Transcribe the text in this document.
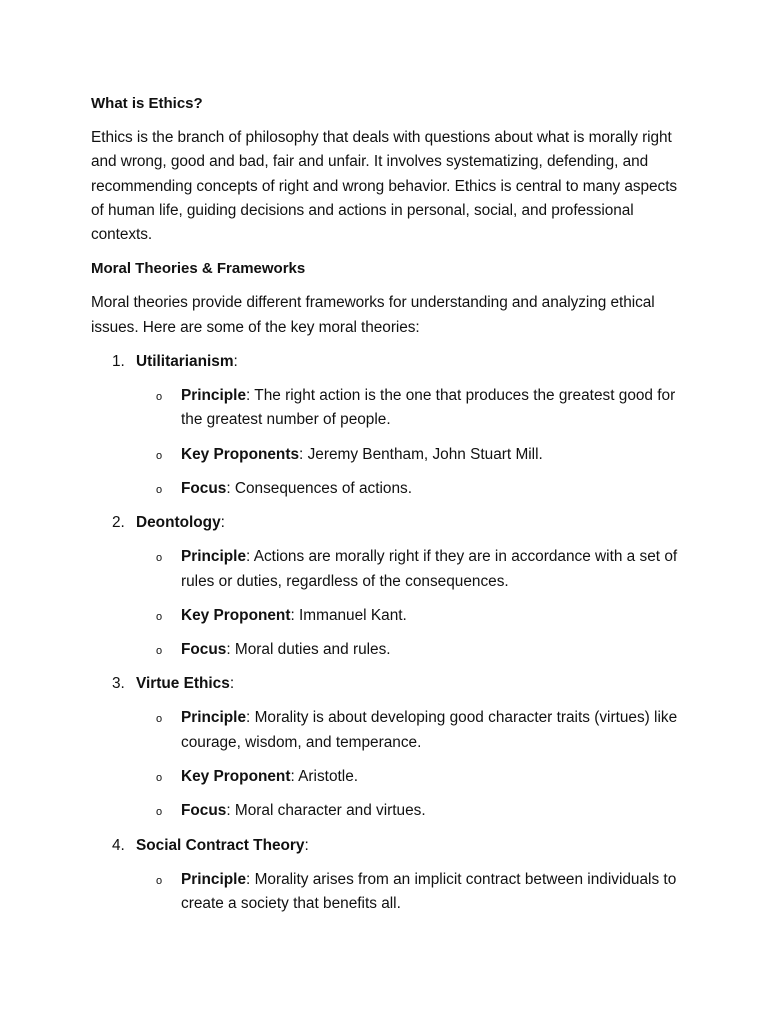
What is Ethics?
Ethics is the branch of philosophy that deals with questions about what is morally right and wrong, good and bad, fair and unfair. It involves systematizing, defending, and recommending concepts of right and wrong behavior. Ethics is central to many aspects of human life, guiding decisions and actions in personal, social, and professional contexts.
Moral Theories & Frameworks
Moral theories provide different frameworks for understanding and analyzing ethical issues. Here are some of the key moral theories:
1. Utilitarianism:
o Principle: The right action is the one that produces the greatest good for the greatest number of people.
o Key Proponents: Jeremy Bentham, John Stuart Mill.
o Focus: Consequences of actions.
2. Deontology:
o Principle: Actions are morally right if they are in accordance with a set of rules or duties, regardless of the consequences.
o Key Proponent: Immanuel Kant.
o Focus: Moral duties and rules.
3. Virtue Ethics:
o Principle: Morality is about developing good character traits (virtues) like courage, wisdom, and temperance.
o Key Proponent: Aristotle.
o Focus: Moral character and virtues.
4. Social Contract Theory:
o Principle: Morality arises from an implicit contract between individuals to create a society that benefits all.
